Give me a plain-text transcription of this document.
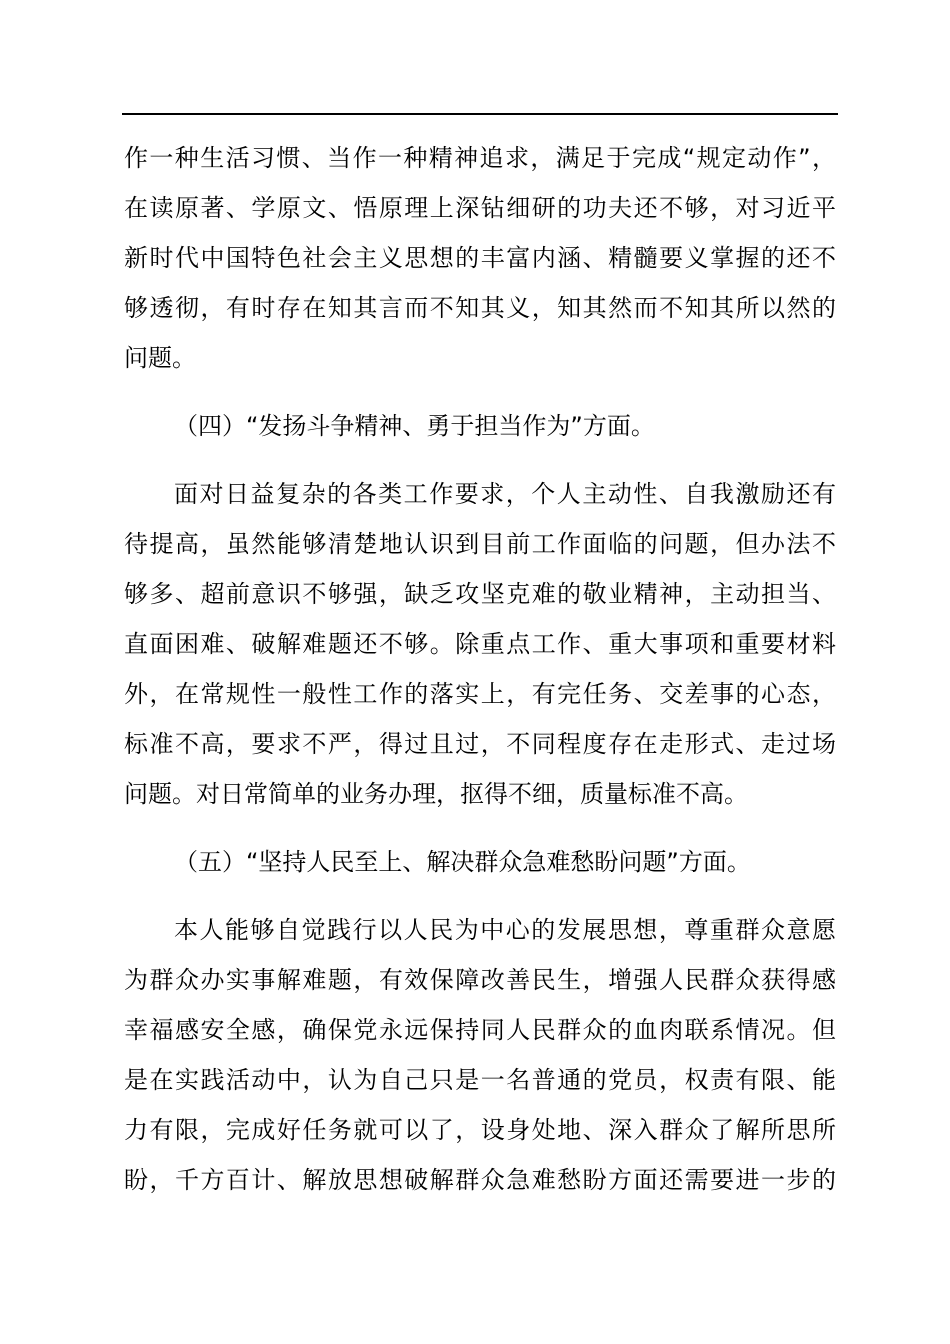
作一种生活习惯、当作一种精神追求，满足于完成“规定动作”，
在读原著、学原文、悟原理上深钻细研的功夫还不够，对习近平
新时代中国特色社会主义思想的丰富内涵、精髓要义掌握的还不
够透彻，有时存在知其言而不知其义，知其然而不知其所以然的
问题。
（四）“发扬斗争精神、勇于担当作为”方面。
面对日益复杂的各类工作要求，个人主动性、自我激励还有
待提高，虽然能够清楚地认识到目前工作面临的问题，但办法不
够多、超前意识不够强，缺乏攻坚克难的敬业精神，主动担当、
直面困难、破解难题还不够。除重点工作、重大事项和重要材料
外，在常规性一般性工作的落实上，有完任务、交差事的心态，
标准不高，要求不严，得过且过，不同程度存在走形式、走过场
问题。对日常简单的业务办理，抠得不细，质量标准不高。
（五）“坚持人民至上、解决群众急难愁盼问题”方面。
本人能够自觉践行以人民为中心的发展思想，尊重群众意愿
为群众办实事解难题，有效保障改善民生，增强人民群众获得感
幸福感安全感，确保党永远保持同人民群众的血肉联系情况。但
是在实践活动中，认为自己只是一名普通的党员，权责有限、能
力有限，完成好任务就可以了，设身处地、深入群众了解所思所
盼，千方百计、解放思想破解群众急难愁盼方面还需要进一步的
